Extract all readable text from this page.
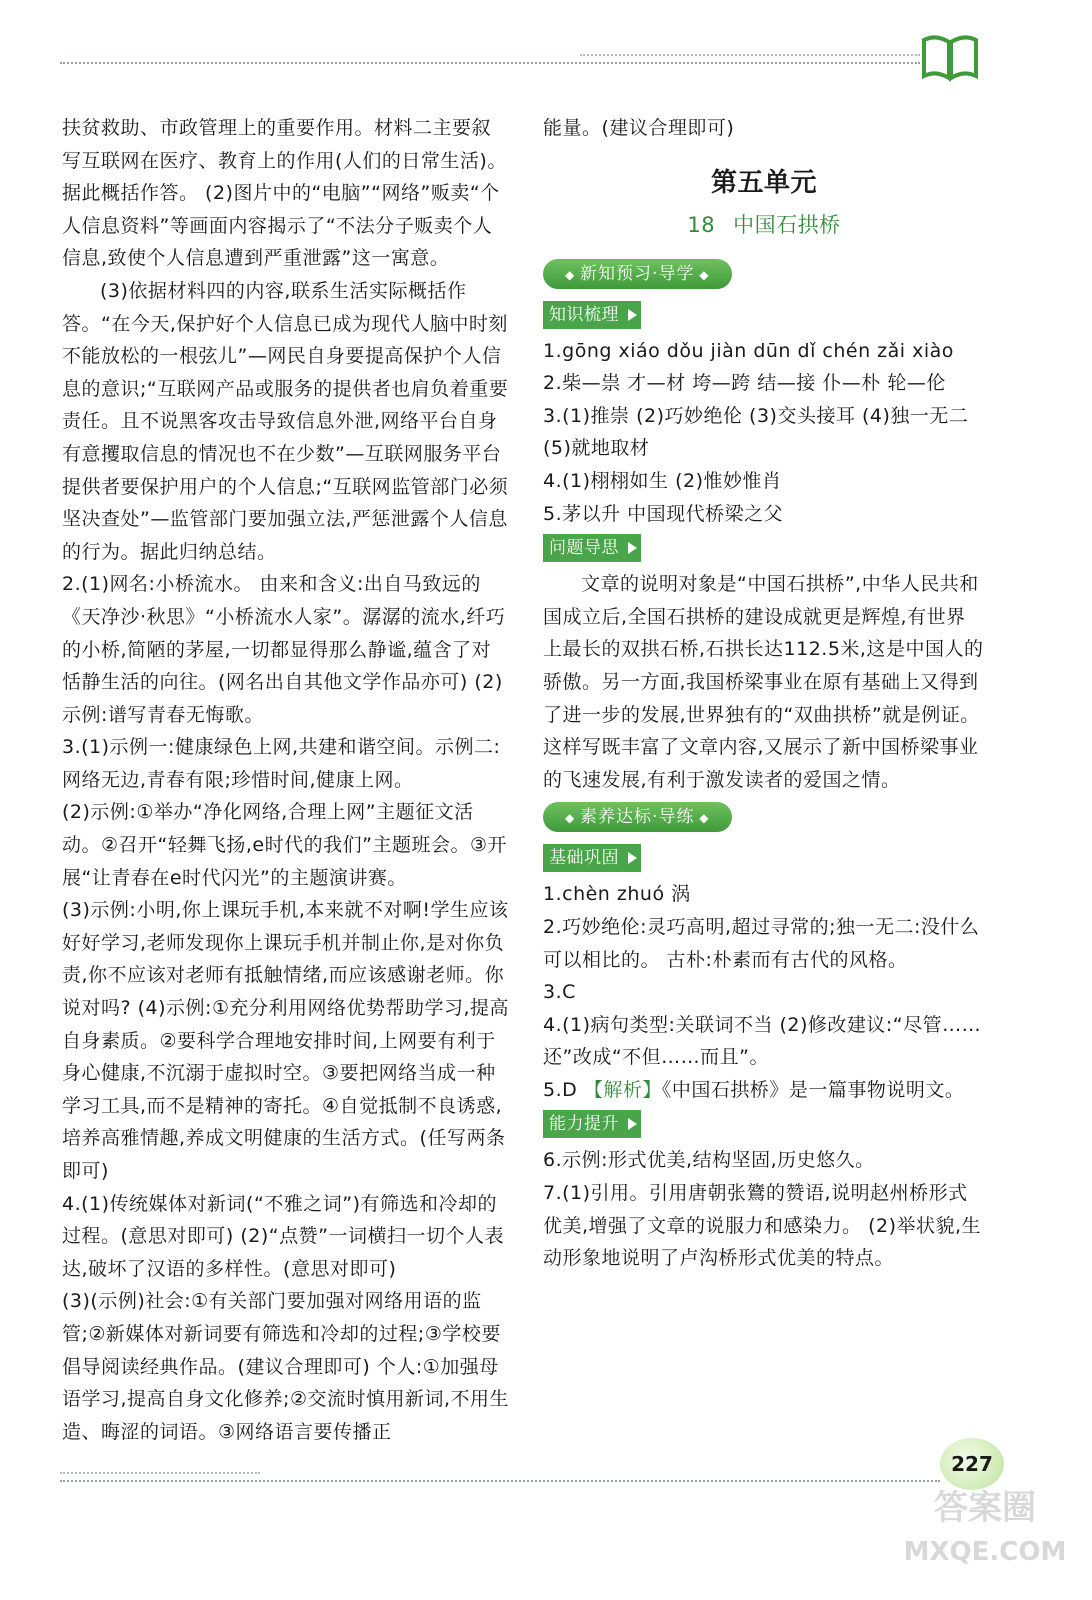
扶贫救助、市政管理上的重要作用。材料二主要叙写互联网在医疗、教育上的作用(人们的日常生活)。据此概括作答。 (2)图片中的“电脑”“网络”贩卖“个人信息资料”等画面内容揭示了“不法分子贩卖个人信息,致使个人信息遭到严重泄露”这一寓意。

(3)依据材料四的内容,联系生活实际概括作答。“在今天,保护好个人信息已成为现代人脑中时刻不能放松的一根弦儿”—网民自身要提高保护个人信息的意识;“互联网产品或服务的提供者也肩负着重要责任。且不说黑客攻击导致信息外泄,网络平台自身有意攫取信息的情况也不在少数”—互联网服务平台提供者要保护用户的个人信息;“互联网监管部门必须坚决查处”—监管部门要加强立法,严惩泄露个人信息的行为。据此归纳总结。

2.(1)网名:小桥流水。 由来和含义:出自马致远的《天净沙·秋思》“小桥流水人家”。潺潺的流水,纤巧的小桥,简陋的茅屋,一切都显得那么静谧,蕴含了对恬静生活的向往。(网名出自其他文学作品亦可) (2)示例:谱写青春无悔歌。

3.(1)示例一:健康绿色上网,共建和谐空间。示例二:网络无边,青春有限;珍惜时间,健康上网。

(2)示例:①举办“净化网络,合理上网”主题征文活动。②召开“轻舞飞扬,e时代的我们”主题班会。③开展“让青春在e时代闪光”的主题演讲赛。

(3)示例:小明,你上课玩手机,本来就不对啊!学生应该好好学习,老师发现你上课玩手机并制止你,是对你负责,你不应该对老师有抵触情绪,而应该感谢老师。你说对吗? (4)示例:①充分利用网络优势帮助学习,提高自身素质。②要科学合理地安排时间,上网要有利于身心健康,不沉溺于虚拟时空。③要把网络当成一种学习工具,而不是精神的寄托。④自觉抵制不良诱惑,培养高雅情趣,养成文明健康的生活方式。(任写两条即可)

4.(1)传统媒体对新词(“不雅之词”)有筛选和冷却的过程。(意思对即可) (2)“点赞”一词横扫一切个人表达,破坏了汉语的多样性。(意思对即可)

(3)(示例)社会:①有关部门要加强对网络用语的监管;②新媒体对新词要有筛选和冷却的过程;③学校要倡导阅读经典作品。(建议合理即可) 个人:①加强母语学习,提高自身文化修养;②交流时慎用新词,不用生造、晦涩的词语。③网络语言要传播正

能量。(建议合理即可)

第五单元
18 中国石拱桥
◆ 新知预习·导学 ◆
知识梳理

1.gōng xiáo dǒu jiàn dūn dǐ chén zǎi xiào

2.柴—祟 才—材 垮—跨 结—接 仆—朴 轮—伦

3.(1)推崇 (2)巧妙绝伦 (3)交头接耳 (4)独一无二 (5)就地取材

4.(1)栩栩如生 (2)惟妙惟肖

5.茅以升 中国现代桥梁之父

问题导思

文章的说明对象是“中国石拱桥”,中华人民共和国成立后,全国石拱桥的建设成就更是辉煌,有世界上最长的双拱石桥,石拱长达112.5米,这是中国人的骄傲。另一方面,我国桥梁事业在原有基础上又得到了进一步的发展,世界独有的“双曲拱桥”就是例证。这样写既丰富了文章内容,又展示了新中国桥梁事业的飞速发展,有利于激发读者的爱国之情。

◆ 素养达标·导练 ◆
基础巩固

1.chèn zhuó 涡

2.巧妙绝伦:灵巧高明,超过寻常的;独一无二:没什么可以相比的。 古朴:朴素而有古代的风格。

3.C

4.(1)病句类型:关联词不当 (2)修改建议:“尽管……还”改成“不但……而且”。

5.D 【解析】《中国石拱桥》是一篇事物说明文。

能力提升

6.示例:形式优美,结构坚固,历史悠久。

7.(1)引用。引用唐朝张鷟的赞语,说明赵州桥形式优美,增强了文章的说服力和感染力。 (2)举状貌,生动形象地说明了卢沟桥形式优美的特点。

227
答案圈
MXQE.COM
